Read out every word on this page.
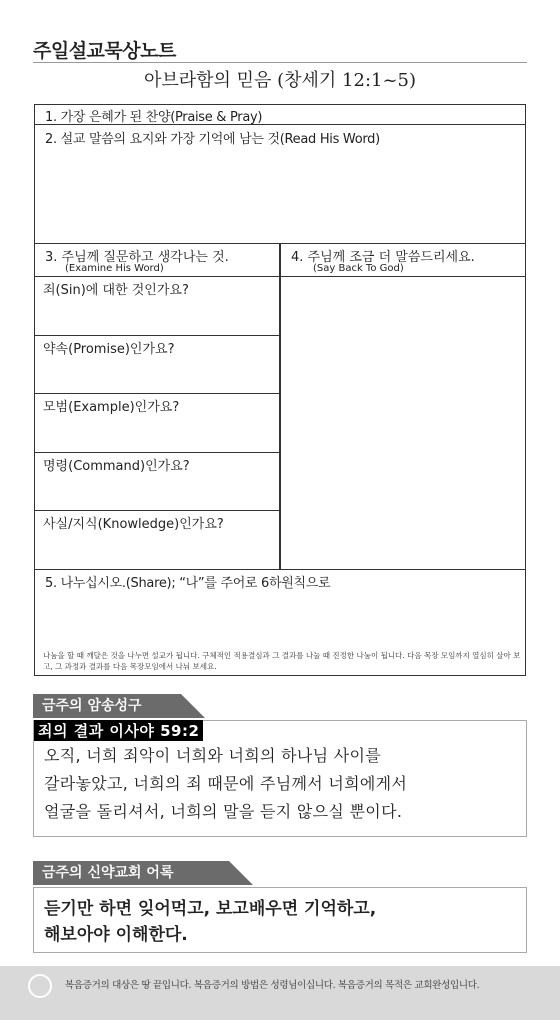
주일설교묵상노트
아브라함의 믿음 (창세기 12:1~5)
1. 가장 은혜가 된 찬양(Praise & Pray)
2. 설교 말씀의 요지와 가장 기억에 남는 것(Read His Word)
3. 주님께 질문하고 생각나는 것.
(Examine His Word)
4. 주님께 조금 더 말씀드리세요.
(Say Back To God)
죄(Sin)에 대한 것인가요?
약속(Promise)인가요?
모범(Example)인가요?
명령(Command)인가요?
사실/지식(Knowledge)인가요?
5. 나누십시오.(Share); “나”를 주어로 6하원칙으로
나눔을 할 때 깨달은 것을 나누면 설교가 됩니다. 구체적인 적용결심과 그 결과를 나눌 때 진정한 나눔이 됩니다. 다음 목장 모임까지 열심히 살아 보고, 그 과정과 결과를 다음 목장모임에서 나눠 보세요.
금주의 암송성구
죄의 결과 이사야 59:2
오직, 너희 죄악이 너희와 너희의 하나님 사이를
갈라놓았고, 너희의 죄 때문에 주님께서 너희에게서
얼굴을 돌리셔서, 너희의 말을 듣지 않으실 뿐이다.
금주의 신약교회 어록
듣기만 하면 잊어먹고, 보고배우면 기억하고,
해보아야 이해한다.
복음증거의 대상은 땅 끝입니다. 복음증거의 방법은 성령님이십니다. 복음증거의 목적은 교회완성입니다.
